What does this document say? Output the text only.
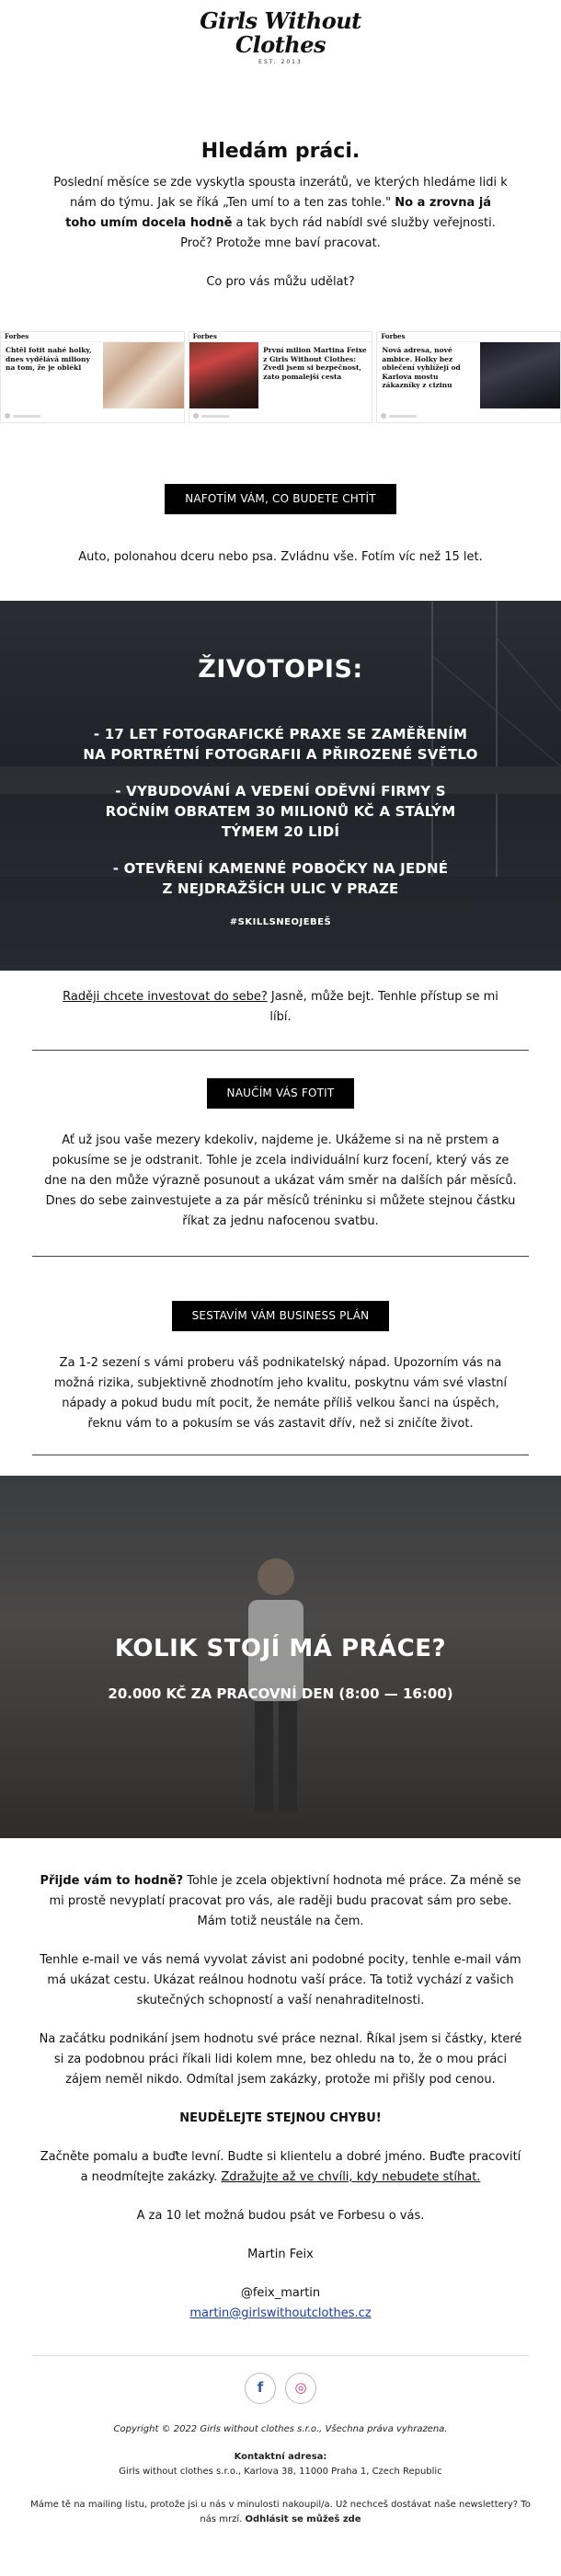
Girls Without
Clothes
EST. 2013
Hledám práci.

Poslední měsíce se zde vyskytla spousta inzerátů, ve kterých hledáme lidi k nám do týmu. Jak se říká „Ten umí to a ten zas tohle." No a zrovna já toho umím docela hodně a tak bych rád nabídl své služby veřejnosti. Proč? Protože mne baví pracovat.

Co pro vás můžu udělat?

Forbes
Chtěl fotit nahé holky, dnes vydělává miliony na tom, že je oblékl
Forbes
První milion Martina Feixe z Girls Without Clothes: Zvedl jsem si bezpečnost, zato pomalejší cesta
Forbes
Nová adresa, nové ambice. Holky bez oblečení vyhlížejí od Karlova mostu zákazníky z cizinu
NAFOTÍM VÁM, CO BUDETE CHTÍT

Auto, polonahou dceru nebo psa. Zvládnu vše. Fotím víc než 15 let.

ŽIVOTOPIS:
- 17 LET FOTOGRAFICKÉ PRAXE SE ZAMĚŘENÍM NA PORTRÉTNÍ FOTOGRAFII A PŘIROZENÉ SVĚTLO
- VYBUDOVÁNÍ A VEDENÍ ODĚVNÍ FIRMY S ROČNÍM OBRATEM 30 MILIONŮ KČ A STÁLÝM TÝMEM 20 LIDÍ
- OTEVŘENÍ KAMENNÉ POBOČKY NA JEDNÉ Z NEJDRAŽŠÍCH ULIC V PRAZE
#SKILLSNEOJEBEŠ

Raději chcete investovat do sebe? Jasně, může bejt. Tenhle přístup se mi líbí.

NAUČÍM VÁS FOTIT

Ať už jsou vaše mezery kdekoliv, najdeme je. Ukážeme si na ně prstem a pokusíme se je odstranit. Tohle je zcela individuální kurz focení, který vás ze dne na den může výrazně posunout a ukázat vám směr na dalších pár měsíců. Dnes do sebe zainvestujete a za pár měsíců tréninku si můžete stejnou částku říkat za jednu nafocenou svatbu.

SESTAVÍM VÁM BUSINESS PLÁN

Za 1-2 sezení s vámi proberu váš podnikatelský nápad. Upozorním vás na možná rizika, subjektivně zhodnotím jeho kvalitu, poskytnu vám své vlastní nápady a pokud budu mít pocit, že nemáte příliš velkou šanci na úspěch, řeknu vám to a pokusím se vás zastavit dřív, než si zničíte život.

KOLIK STOJÍ MÁ PRÁCE?
20.000 KČ ZA PRACOVNÍ DEN (8:00 — 16:00)

Přijde vám to hodně? Tohle je zcela objektivní hodnota mé práce. Za méně se mi prostě nevyplatí pracovat pro vás, ale raději budu pracovat sám pro sebe. Mám totiž neustále na čem.

Tenhle e-mail ve vás nemá vyvolat závist ani podobné pocity, tenhle e-mail vám má ukázat cestu. Ukázat reálnou hodnotu vaší práce. Ta totiž vychází z vašich skutečných schopností a vaší nenahraditelnosti.

Na začátku podnikání jsem hodnotu své práce neznal. Říkal jsem si částky, které si za podobnou práci říkali lidi kolem mne, bez ohledu na to, že o mou práci zájem neměl nikdo. Odmítal jsem zakázky, protože mi přišly pod cenou.

NEUDĚLEJTE STEJNOU CHYBU!

Začněte pomalu a buďte levní. Budte si klientelu a dobré jméno. Buďte pracovití a neodmítejte zakázky. Zdražujte až ve chvíli, kdy nebudete stíhat.

A za 10 let možná budou psát ve Forbesu o vás.

Martin Feix

@feix_martin

martin@girlswithoutclothes.cz

f	◎

Copyright © 2022 Girls without clothes s.r.o., Všechna práva vyhrazena.

Kontaktní adresa:

Girls without clothes s.r.o., Karlova 38, 11000 Praha 1, Czech Republic

Máme tě na mailing listu, protože jsi u nás v minulosti nakoupil/a. Už nechceš dostávat naše newslettery? To nás mrzí. Odhlásit se můžeš zde
